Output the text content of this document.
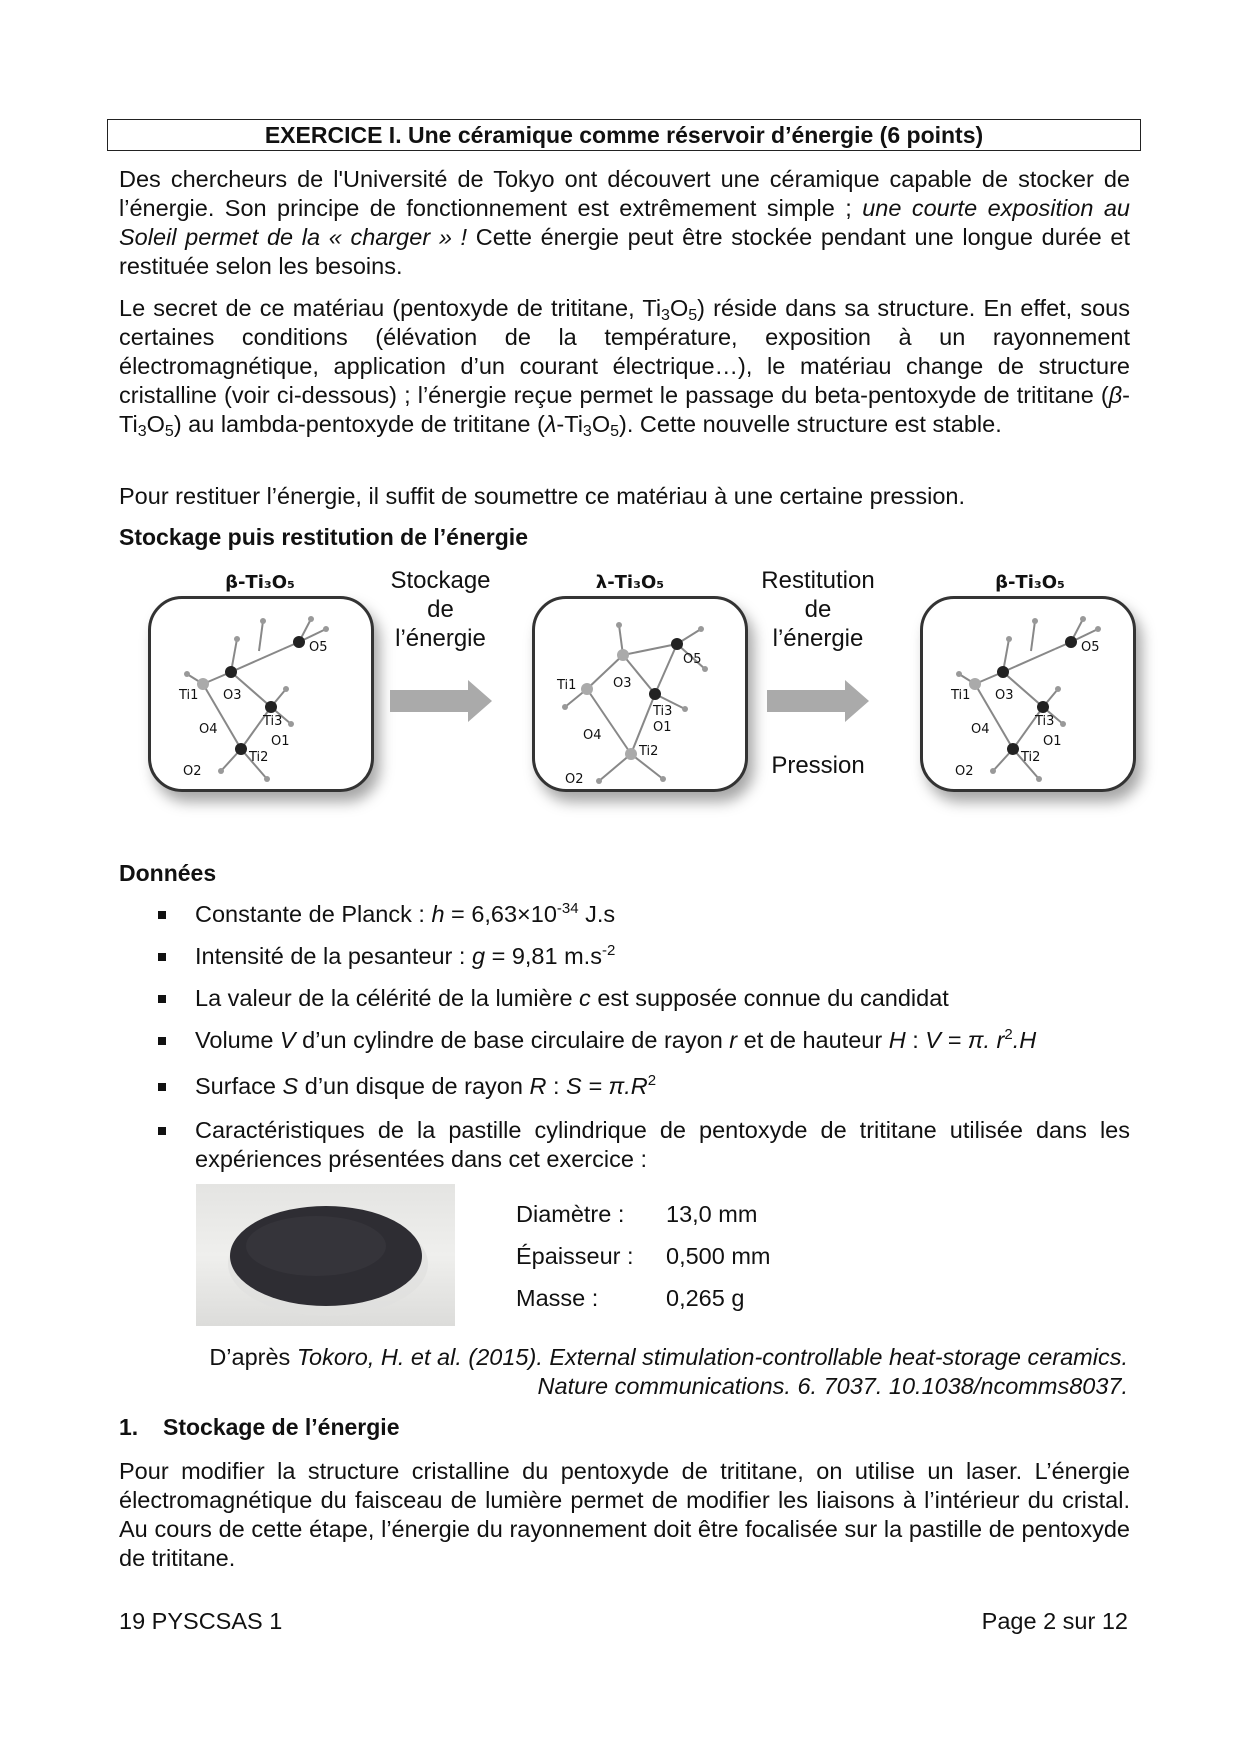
EXERCICE I. Une céramique comme réservoir d’énergie (6 points)

Des chercheurs de l'Université de Tokyo ont découvert une céramique capable de stocker de l’énergie. Son principe de fonctionnement est extrêmement simple ; une courte exposition au Soleil permet de la « charger » ! Cette énergie peut être stockée pendant une longue durée et restituée selon les besoins.

Le secret de ce matériau (pentoxyde de trititane, $Ti_3O_5$) réside dans sa structure. En effet, sous certaines conditions (élévation de la température, exposition à un rayonnement électromagnétique, application d’un courant électrique…), le matériau change de structure cristalline (voir ci-dessous) ; l’énergie reçue permet le passage du beta-pentoxyde de trititane $(\beta-Ti_3O_5)$ au lambda-pentoxyde de trititane $(\lambda-Ti_3O_5)$. Cette nouvelle structure est stable.

Pour restituer l’énergie, il suffit de soumettre ce matériau à une certaine pression.

Stockage puis restitution de l’énergie
β-Ti₃O₅
Ti1 O3
Ti3
O4
O1
Ti2
O2
O5
Stockage
de
l’énergie
λ-Ti₃O₅
Ti1	O3
Ti3
O4
O1
Ti2
O2
O5
Restitution
de
l’énergie
Pression
β-Ti₃O₅
Ti1 O3
Ti3
O4
O1
Ti2
O2
O5
Données
Constante de Planck : $h = 6,63\times 10^{-34}$ J.s
Intensité de la pesanteur : g = 9,81 $m.s^{-2}$
La valeur de la célérité de la lumière c est supposée connue du candidat
Volume V d’un cylindre de base circulaire de rayon r et de hauteur H : V = π. $r^2.H$
Surface S d’un disque de rayon R : $S = \pi.R^2$
Caractéristiques de la pastille cylindrique de pentoxyde de trititane utilisée dans les expériences présentées dans cet exercice :
Diamètre : 13,0 mm
Épaisseur : 0,500 mm
Masse :	0,265 g
D’après Tokoro, H. et al. (2015). External stimulation-controllable heat-storage ceramics.
Nature communications. 6. 7037. 10.1038/ncomms8037.
1. Stockage de l’énergie

Pour modifier la structure cristalline du pentoxyde de trititane, on utilise un laser. L’énergie électromagnétique du faisceau de lumière permet de modifier les liaisons à l’intérieur du cristal. Au cours de cette étape, l’énergie du rayonnement doit être focalisée sur la pastille de pentoxyde de trititane.

19 PYSCSAS 1	Page 2 sur 12
